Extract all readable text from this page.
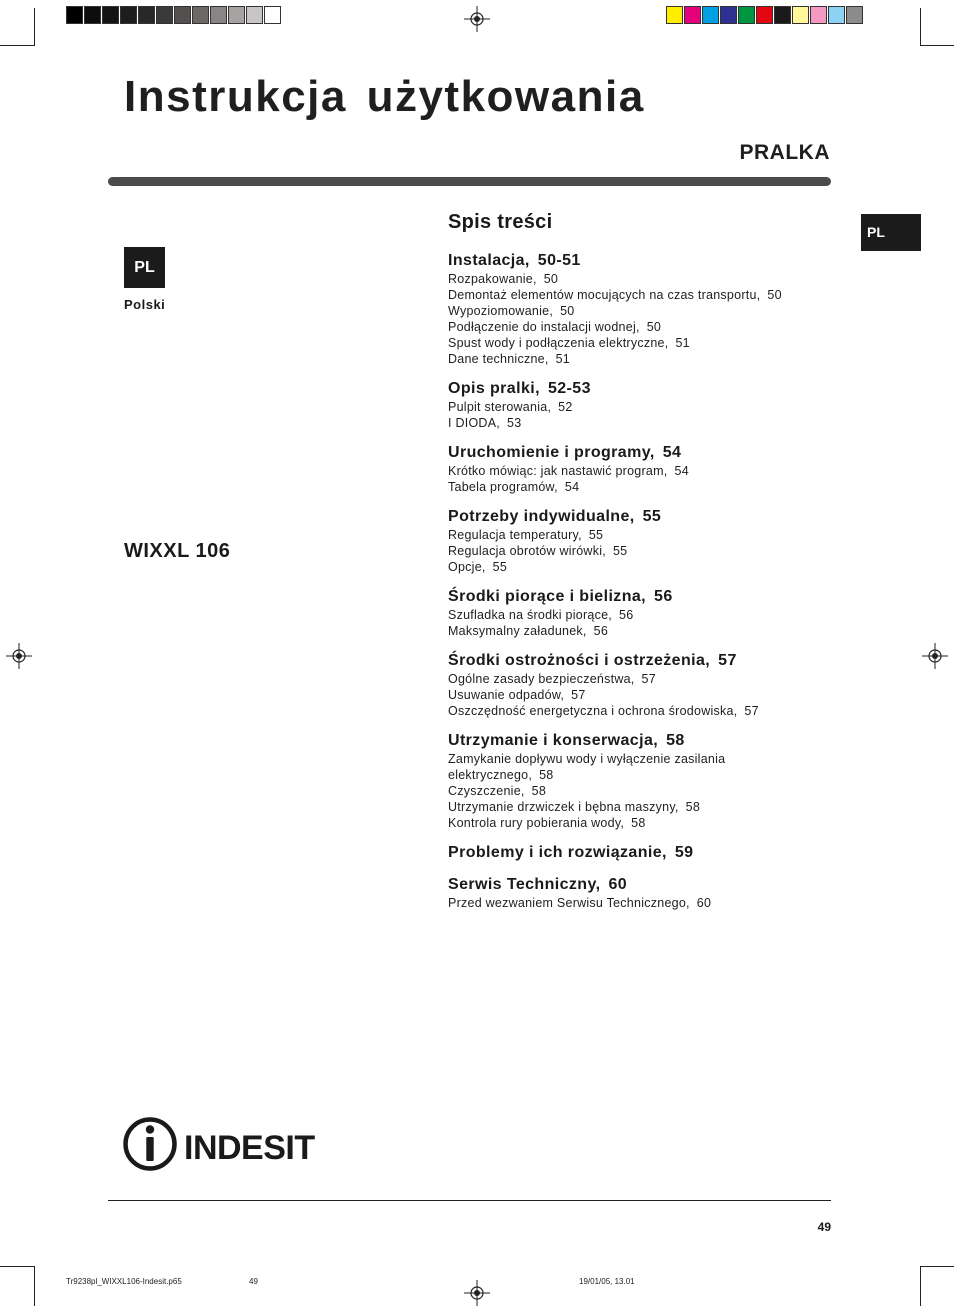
Instrukcja użytkowania
PRALKA
PL
PL
Polski
WIXXL 106
Spis treści
Instalacja, 50-51
Rozpakowanie, 50
Demontaż elementów mocujących na czas transportu, 50
Wypoziomowanie, 50
Podłączenie do instalacji wodnej, 50
Spust wody i podłączenia elektryczne, 51
Dane techniczne, 51
Opis pralki, 52-53
Pulpit sterowania, 52
I DIODA, 53
Uruchomienie i programy, 54
Krótko mówiąc: jak nastawić program, 54
Tabela programów, 54
Potrzeby indywidualne, 55
Regulacja temperatury, 55
Regulacja obrotów wirówki, 55
Opcje, 55
Środki piorące i bielizna, 56
Szufladka na środki piorące, 56
Maksymalny załadunek, 56
Środki ostrożności i ostrzeżenia, 57
Ogólne zasady bezpieczeństwa, 57
Usuwanie odpadów, 57
Oszczędność energetyczna i ochrona środowiska, 57
Utrzymanie i konserwacja, 58
Zamykanie dopływu wody i wyłączenie zasilania
elektrycznego, 58
Czyszczenie, 58
Utrzymanie drzwiczek i bębna maszyny, 58
Kontrola rury pobierania wody, 58
Problemy i ich rozwiązanie, 59
Serwis Techniczny, 60
Przed wezwaniem Serwisu Technicznego, 60
INDESIT
49
Tr9238pl_WIXXL106-Indesit.p65	49	19/01/05, 13.01
